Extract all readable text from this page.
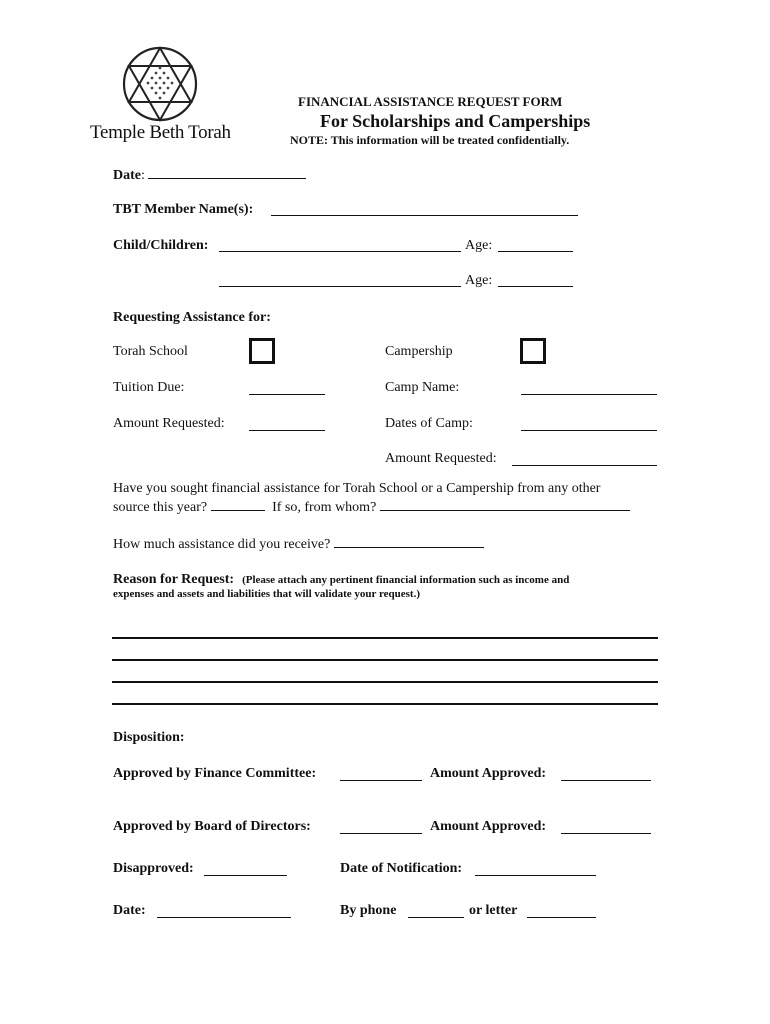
Temple Beth Torah
FINANCIAL ASSISTANCE REQUEST FORM
For Scholarships and Camperships
NOTE: This information will be treated confidentially.
Date:
TBT Member Name(s):
Child/Children:	Age:
Age:
Requesting Assistance for:
Torah School	Campership
Tuition Due:	Camp Name:
Amount Requested:	Dates of Camp:
Amount Requested:
Have you sought financial assistance for Torah School or a Campership from any other
source this year?	If so, from whom?
How much assistance did you receive?
Reason for Request: (Please attach any pertinent financial information such as income and
expenses and assets and liabilities that will validate your request.)
Disposition:
Approved by Finance Committee:	Amount Approved:
Approved by Board of Directors:	Amount Approved:
Disapproved:	Date of Notification:
Date:	By phone	or letter
